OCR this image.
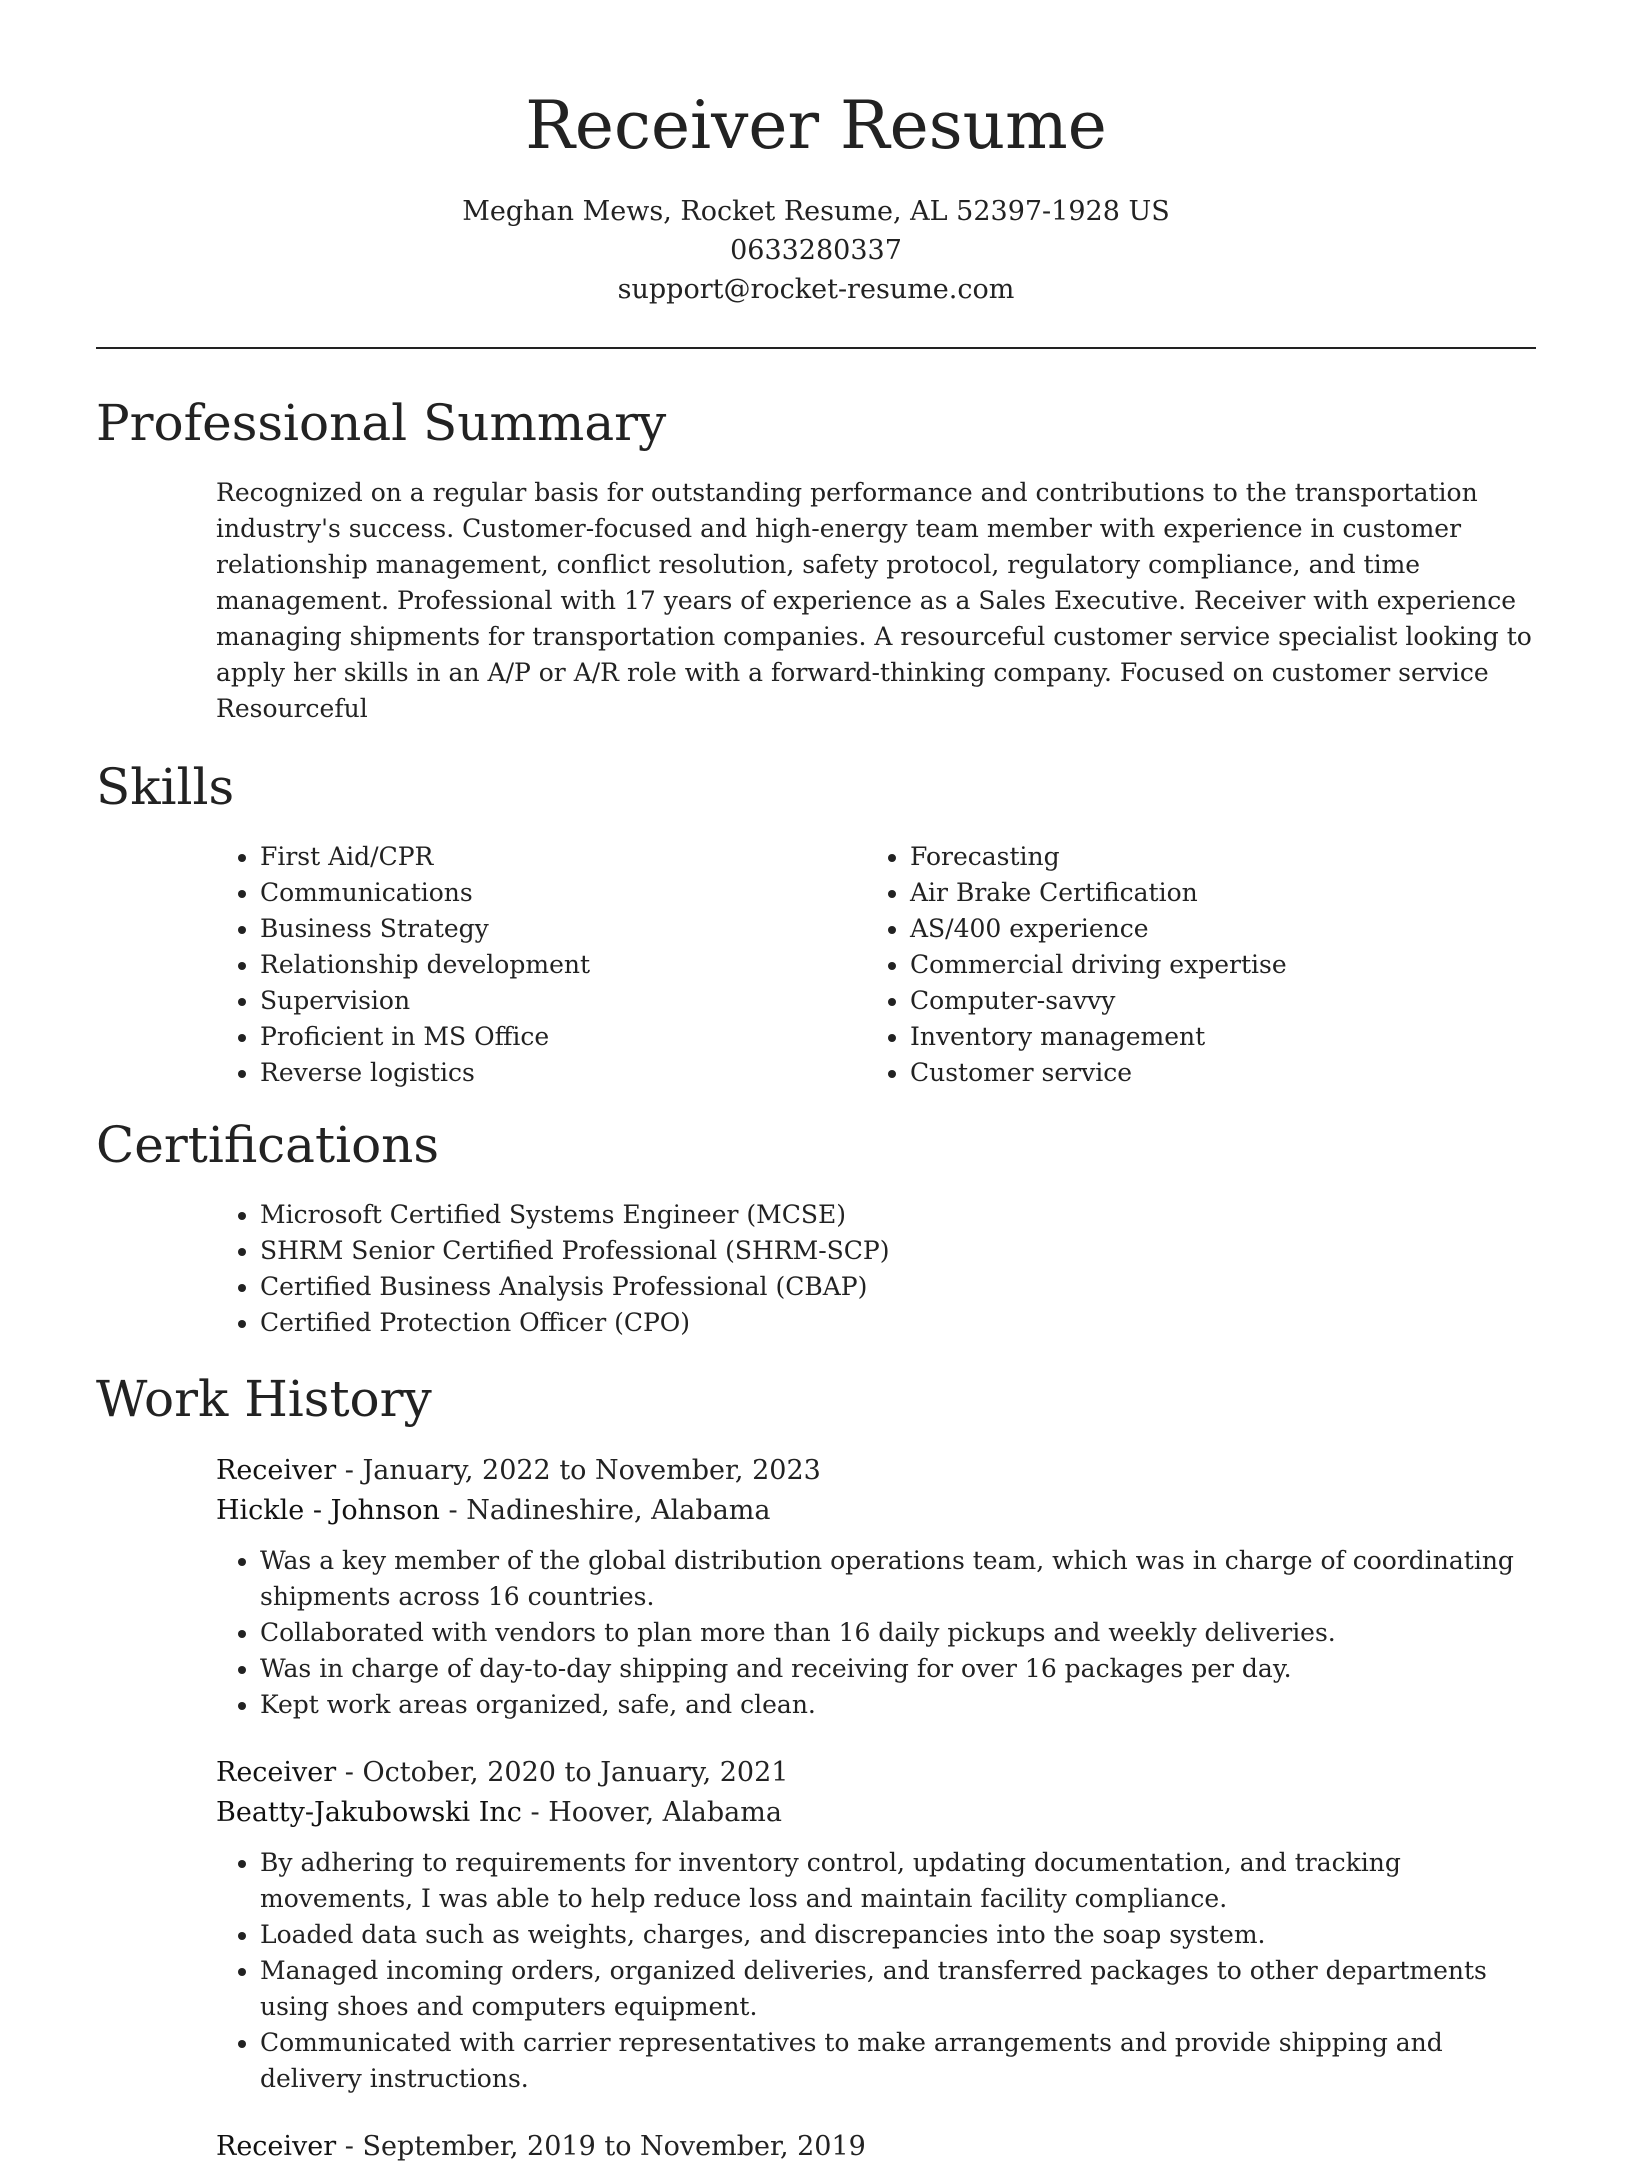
Receiver Resume
Meghan Mews, Rocket Resume, AL 52397-1928 US
0633280337
support@rocket-resume.com
Professional Summary

Recognized on a regular basis for outstanding performance and contributions to the transportation industry's success. Customer-focused and high-energy team member with experience in customer relationship management, conflict resolution, safety protocol, regulatory compliance, and time management. Professional with 17 years of experience as a Sales Executive. Receiver with experience managing shipments for transportation companies. A resourceful customer service specialist looking to apply her skills in an A/P or A/R role with a forward-thinking company. Focused on customer service Resourceful

Skills
• First Aid/CPR
• Communications
• Business Strategy
• Relationship development
• Supervision
• Proficient in MS Office
• Reverse logistics
• Forecasting
• Air Brake Certification
• AS/400 experience
• Commercial driving expertise
• Computer-savvy
• Inventory management
• Customer service
Certifications
• Microsoft Certified Systems Engineer (MCSE)
• SHRM Senior Certified Professional (SHRM-SCP)
• Certified Business Analysis Professional (CBAP)
• Certified Protection Officer (CPO)
Work History
Receiver - January, 2022 to November, 2023
Hickle - Johnson - Nadineshire, Alabama
• Was a key member of the global distribution operations team, which was in charge of coordinating shipments across 16 countries.
• Collaborated with vendors to plan more than 16 daily pickups and weekly deliveries.
• Was in charge of day-to-day shipping and receiving for over 16 packages per day.
• Kept work areas organized, safe, and clean.
Receiver - October, 2020 to January, 2021
Beatty-Jakubowski Inc - Hoover, Alabama
• By adhering to requirements for inventory control, updating documentation, and tracking movements, I was able to help reduce loss and maintain facility compliance.
• Loaded data such as weights, charges, and discrepancies into the soap system.
• Managed incoming orders, organized deliveries, and transferred packages to other departments using shoes and computers equipment.
• Communicated with carrier representatives to make arrangements and provide shipping and delivery instructions.
Receiver - September, 2019 to November, 2019
